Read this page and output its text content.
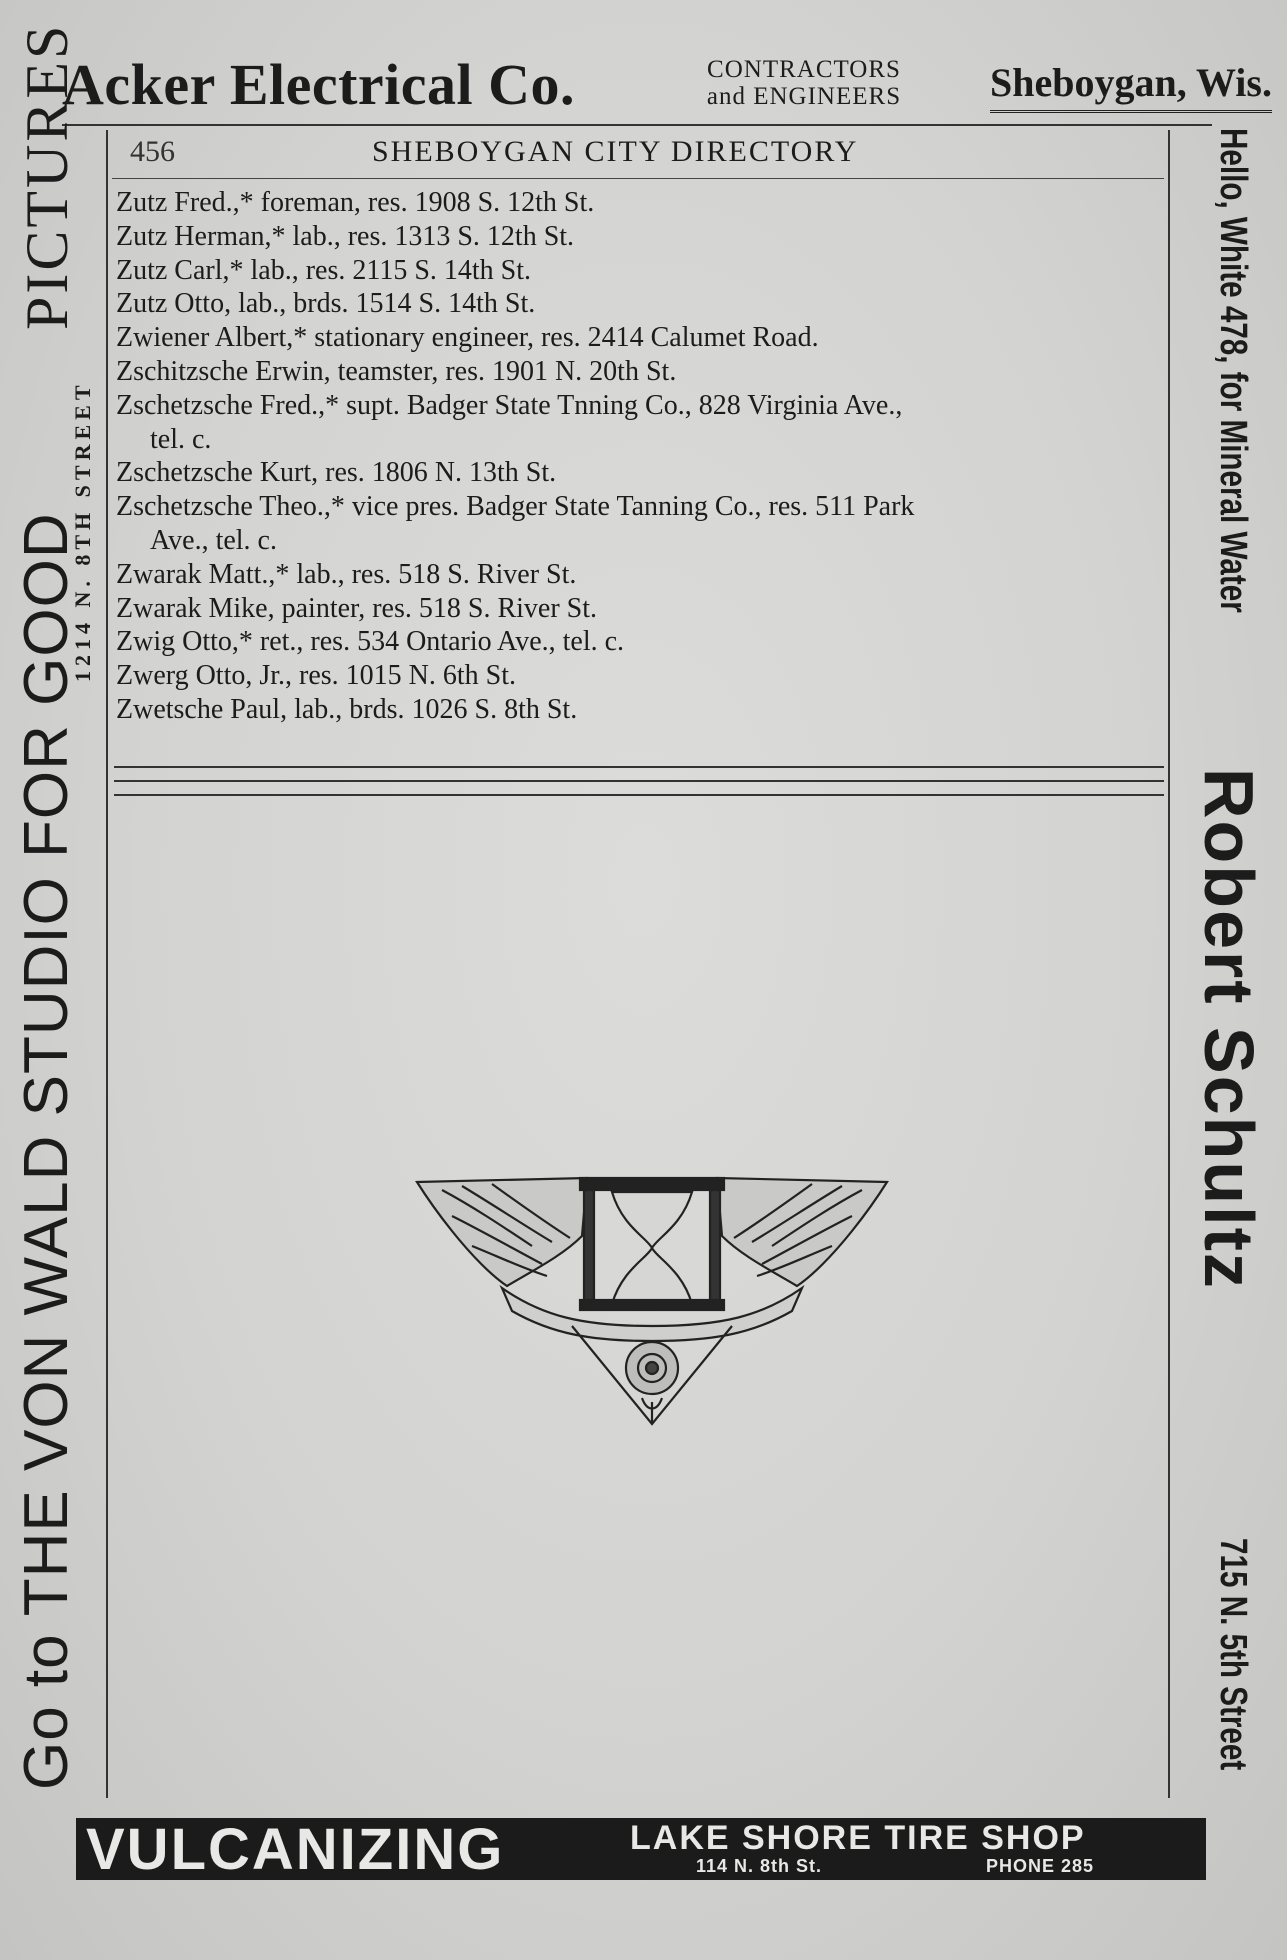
Acker Electrical Co.	CONTRACTORS
and ENGINEERS	Sheboygan, Wis.
456	SHEBOYGAN CITY DIRECTORY
Zutz Fred.,* foreman, res. 1908 S. 12th St.
Zutz Herman,* lab., res. 1313 S. 12th St.
Zutz Carl,* lab., res. 2115 S. 14th St.
Zutz Otto, lab., brds. 1514 S. 14th St.
Zwiener Albert,* stationary engineer, res. 2414 Calumet Road.
Zschitzsche Erwin, teamster, res. 1901 N. 20th St.
Zschetzsche Fred.,* supt. Badger State Tnning Co., 828 Virginia Ave.,
tel. c.
Zschetzsche Kurt, res. 1806 N. 13th St.
Zschetzsche Theo.,* vice pres. Badger State Tanning Co., res. 511 Park
Ave., tel. c.
Zwarak Matt.,* lab., res. 518 S. River St.
Zwarak Mike, painter, res. 518 S. River St.
Zwig Otto,* ret., res. 534 Ontario Ave., tel. c.
Zwerg Otto, Jr., res. 1015 N. 6th St.
Zwetsche Paul, lab., brds. 1026 S. 8th St.
Go to THE VON WALD STUDIO FOR GOOD
1214 N. 8TH STREET
PICTURES	Hello, White 478, for Mineral Water
Robert Schultz
715 N. 5th Street
VULCANIZING	LAKE SHORE TIRE SHOP
114 N. 8th St.	PHONE 285
